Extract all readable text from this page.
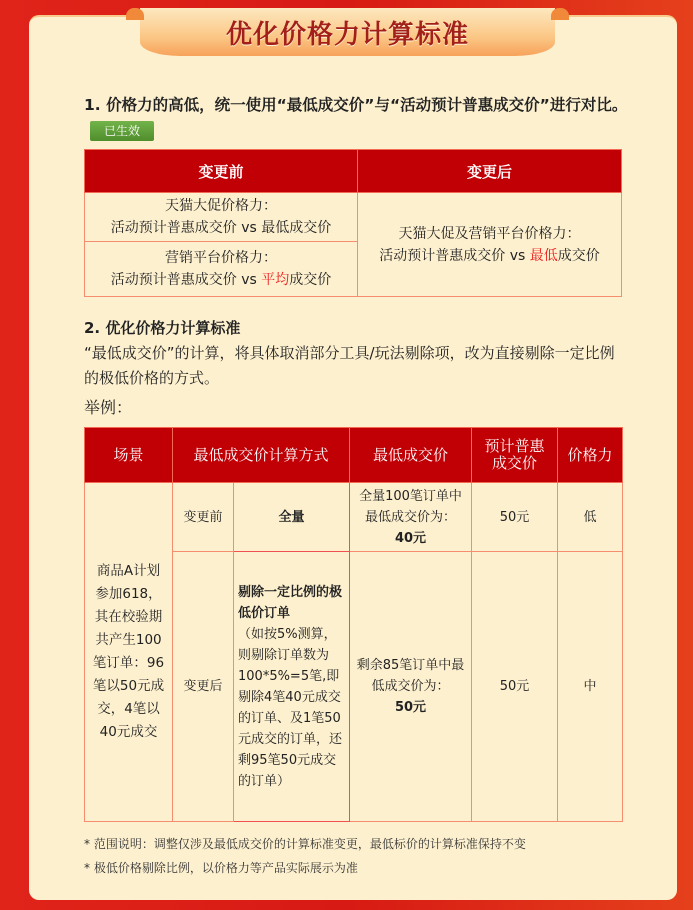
优化价格力计算标准
1. 价格力的高低，统一使用“最低成交价”与“活动预计普惠成交价”进行对比。已生效
变更前	变更后

天猫大促价格力：
活动预计普惠成交价 vs 最低成交价	天猫大促及营销平台价格力：
活动预计普惠成交价 vs 最低成交价

营销平台价格力：
活动预计普惠成交价 vs 平均成交价	
2. 优化价格力计算标准
“最低成交价”的计算，将具体取消部分工具/玩法剔除项，改为直接剔除一定比例的极低价格的方式。
举例：
场景	最低成交价计算方式		最低成交价	预计普惠成交价	价格力
商品A计划参加618，其在校验期共产生100笔订单：96笔以50元成交，4笔以40元成交	变更前	全量	全量100笔订单中最低成交价为：
40元	50元	低
	变更后	剔除一定比例的极低价订单
（如按5%测算，则剔除订单数为100*5%=5笔,即剔除4笔40元成交的订单、及1笔50元成交的订单，还剩95笔50元成交的订单）	剩余85笔订单中最低成交价为：
50元	50元	中
* 范围说明：调整仅涉及最低成交价的计算标准变更，最低标价的计算标准保持不变
* 极低价格剔除比例，以价格力等产品实际展示为准
